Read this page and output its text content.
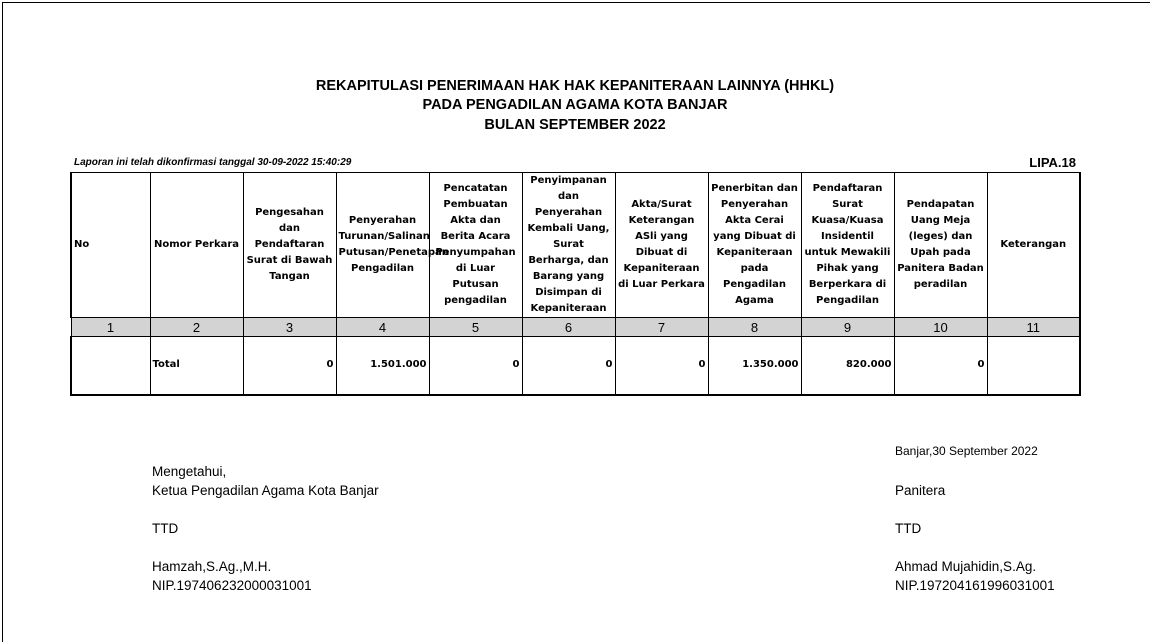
REKAPITULASI PENERIMAAN HAK HAK KEPANITERAAN LAINNYA (HHKL)
PADA PENGADILAN AGAMA KOTA BANJAR
BULAN SEPTEMBER 2022
Laporan ini telah dikonfirmasi tanggal 30-09-2022 15:40:29	LIPA.18
No	Nomor Perkara	Pengesahan dan Pendaftaran Surat di Bawah Tangan	Penyerahan Turunan/Salinan Putusan/Penetapan Pengadilan	Pencatatan Pembuatan Akta dan Berita Acara Penyumpahan di Luar Putusan pengadilan	Penyimpanan dan Penyerahan Kembali Uang, Surat Berharga, dan Barang yang Disimpan di Kepaniteraan	Akta/Surat Keterangan ASli yang Dibuat di Kepaniteraan di Luar Perkara	Penerbitan dan Penyerahan Akta Cerai yang Dibuat di Kepaniteraan pada Pengadilan Agama	Pendaftaran Surat Kuasa/Kuasa Insidentil untuk Mewakili Pihak yang Berperkara di Pengadilan	Pendapatan Uang Meja (leges) dan Upah pada Panitera Badan peradilan	Keterangan
1	2	3	4	5	6	7	8	9	10	11
	Total	0	1.501.000	0	0	0	1.350.000	820.000	0	
Mengetahui,
Ketua Pengadilan Agama Kota Banjar
TTD
Hamzah,S.Ag.,M.H.
NIP.197406232000031001
Banjar,30 September 2022
Panitera
TTD
Ahmad Mujahidin,S.Ag.
NIP.197204161996031001
